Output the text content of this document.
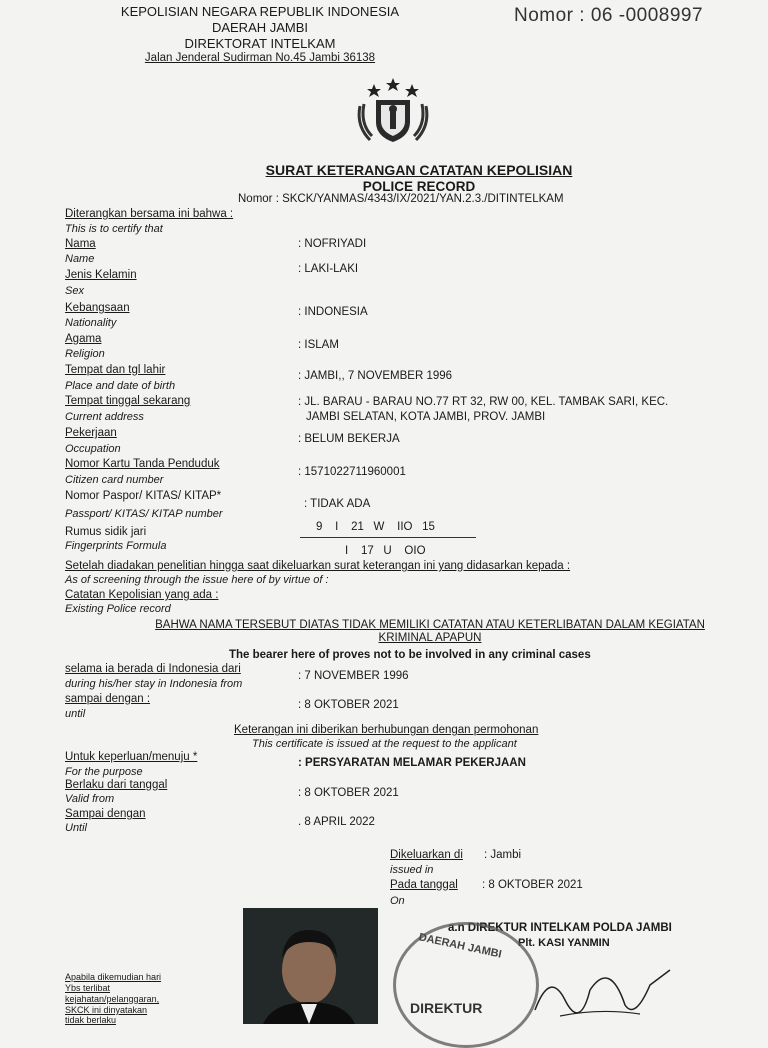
KEPOLISIAN NEGARA REPUBLIK INDONESIA
DAERAH JAMBI
DIREKTORAT INTELKAM
Jalan Jenderal Sudirman No.45 Jambi 36138
Nomor : 06 -0008997
SURAT KETERANGAN CATATAN KEPOLISIAN
POLICE RECORD
Nomor : SKCK/YANMAS/4343/IX/2021/YAN.2.3./DITINTELKAM
Diterangkan bersama ini bahwa :
This is to certify that
Nama
Name
: NOFRIYADI
Jenis Kelamin
Sex
: LAKI-LAKI
Kebangsaan
Nationality
: INDONESIA
Agama
Religion
: ISLAM
Tempat dan tgl lahir
Place and date of birth
: JAMBI,, 7 NOVEMBER 1996
Tempat tinggal sekarang
Current address
: JL. BARAU - BARAU NO.77 RT 32, RW 00, KEL. TAMBAK SARI, KEC.
JAMBI SELATAN, KOTA JAMBI, PROV. JAMBI
Pekerjaan
Occupation
: BELUM BEKERJA
Nomor Kartu Tanda Penduduk
Citizen card number
: 1571022711960001
Nomor Paspor/ KITAS/ KITAP*
Passport/ KITAS/ KITAP number
: TIDAK ADA
Rumus sidik jari
Fingerprints Formula
9    I    21   W    IIO   15
I    17   U    OIO
Setelah diadakan penelitian hingga saat dikeluarkan surat keterangan ini yang didasarkan kepada :
As of screening through the issue here of by virtue of :
Catatan Kepolisian yang ada :
Existing Police record
BAHWA NAMA TERSEBUT DIATAS TIDAK MEMILIKI CATATAN ATAU KETERLIBATAN DALAM KEGIATAN
KRIMINAL APAPUN
The bearer here of proves not to be involved in any criminal cases
selama ia berada di Indonesia dari
during his/her stay in Indonesia from
: 7 NOVEMBER 1996
sampai dengan :
until
: 8 OKTOBER 2021
Keterangan ini diberikan berhubungan dengan permohonan
This certificate is issued at the request to the applicant
Untuk keperluan/menuju *
For the purpose
: PERSYARATAN MELAMAR PEKERJAAN
Berlaku dari tanggal
Valid from	: 8 OKTOBER 2021
Sampai dengan
Until	. 8 APRIL 2022
Dikeluarkan di
issued in
: Jambi
Pada tanggal
On
: 8 OKTOBER 2021
a.n DIREKTUR INTELKAM POLDA JAMBI
Plt. KASI YANMIN
DAERAH JAMBI
DIREKTUR
Apabila dikemudian hari
Ybs terlibat
kejahatan/pelanggaran,
SKCK ini dinyatakan
tidak berlaku
